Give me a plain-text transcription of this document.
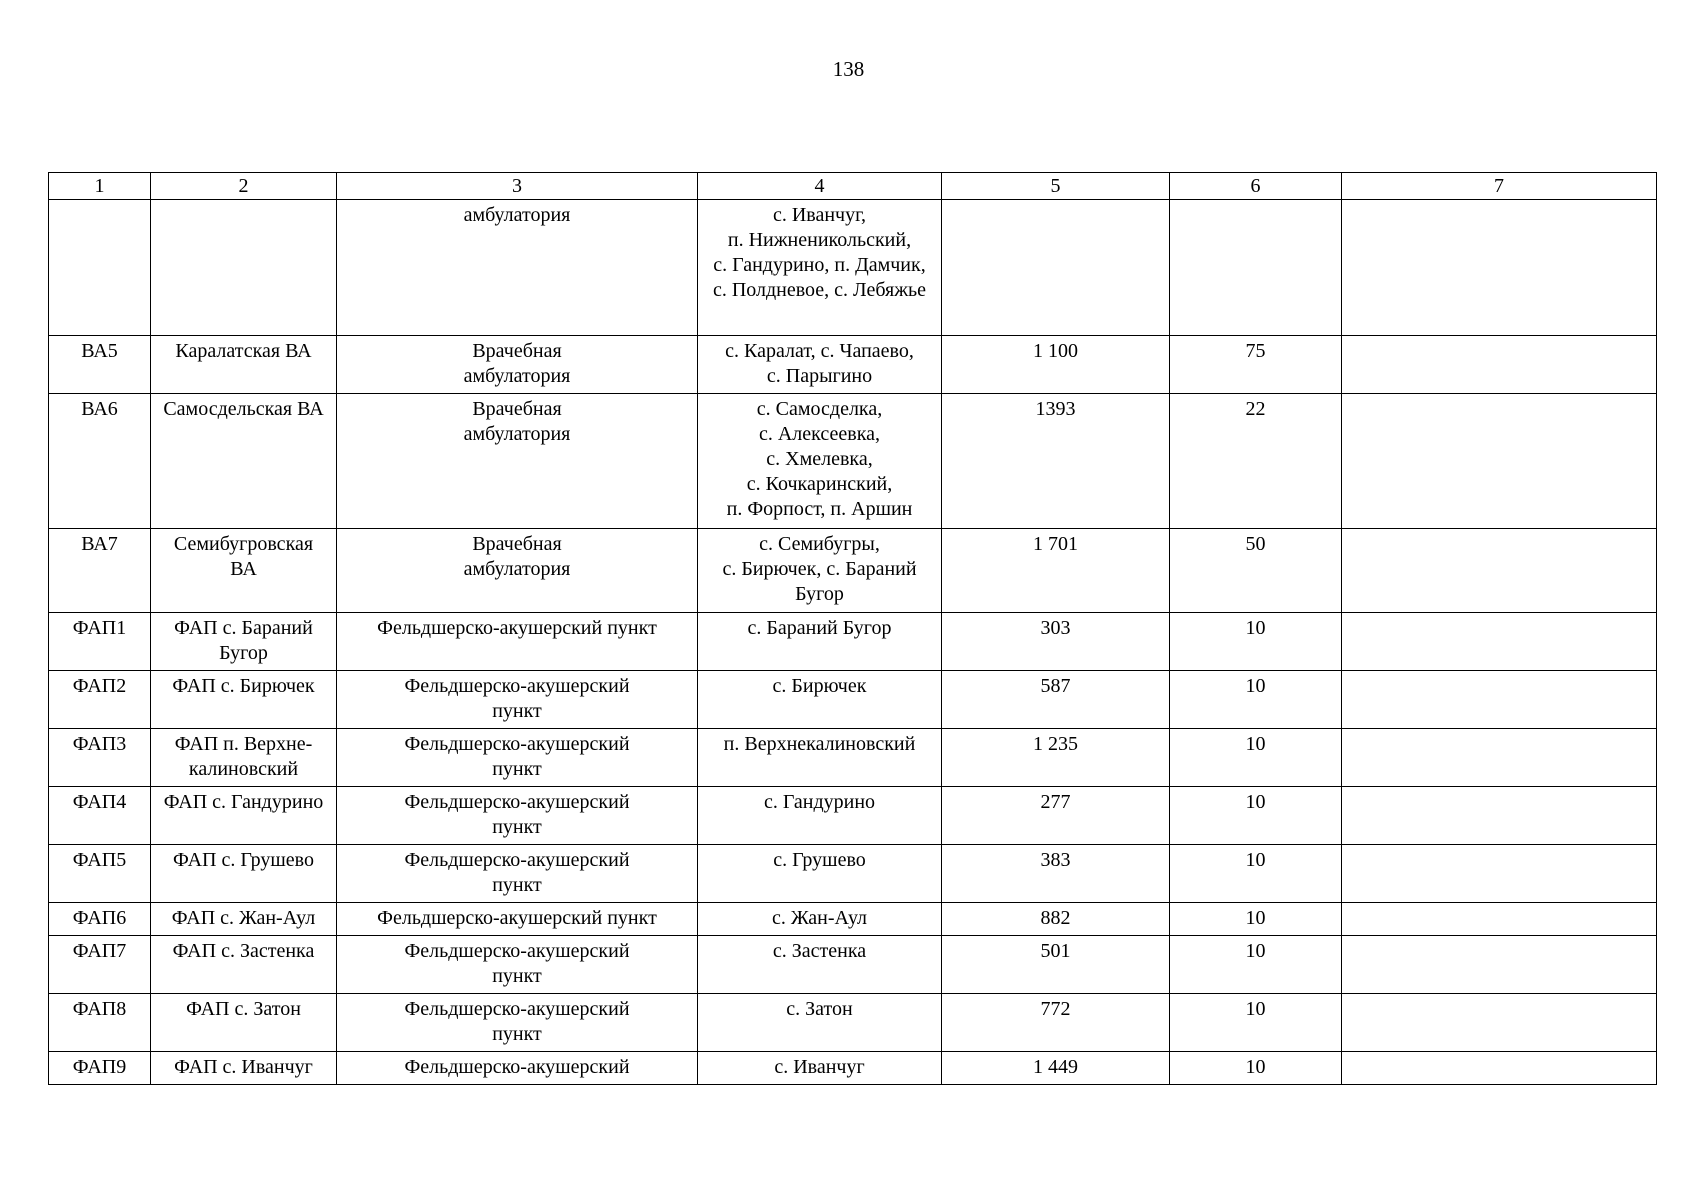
138
1	2	3	4	5	6	7

		амбулатория	с. Иванчуг,
п. Нижненикольский,
с. Гандурино, п. Дамчик,
с. Полдневое, с. Лебяжье			

ВА5	Каралатская ВА	Врачебная
амбулатория	с. Каралат, с. Чапаево,
с. Парыгино	1 100	75	

ВА6	Самосдельская ВА	Врачебная
амбулатория	с. Самосделка,
с. Алексеевка,
с. Хмелевка,
с. Кочкаринский,
п. Форпост, п. Аршин	1393	22	

ВА7	Семибугровская
ВА	Врачебная
амбулатория	с. Семибугры,
с. Бирючек, с. Бараний
Бугор	1 701	50	

ФАП1	ФАП с. Бараний
Бугор	Фельдшерско-акушерский пункт	с. Бараний Бугор	303	10	

ФАП2	ФАП с. Бирючек	Фельдшерско-акушерский
пункт	с. Бирючек	587	10	

ФАП3	ФАП п. Верхне-
калиновский	Фельдшерско-акушерский
пункт	п. Верхнекалиновский	1 235	10	

ФАП4	ФАП с. Гандурино	Фельдшерско-акушерский
пункт	с. Гандурино	277	10	

ФАП5	ФАП с. Грушево	Фельдшерско-акушерский
пункт	с. Грушево	383	10	

ФАП6	ФАП с. Жан-Аул	Фельдшерско-акушерский пункт	с. Жан-Аул	882	10	

ФАП7	ФАП с. Застенка	Фельдшерско-акушерский
пункт	с. Застенка	501	10	

ФАП8	ФАП с. Затон	Фельдшерско-акушерский
пункт	с. Затон	772	10	

ФАП9	ФАП с. Иванчуг	Фельдшерско-акушерский	с. Иванчуг	1 449	10	
